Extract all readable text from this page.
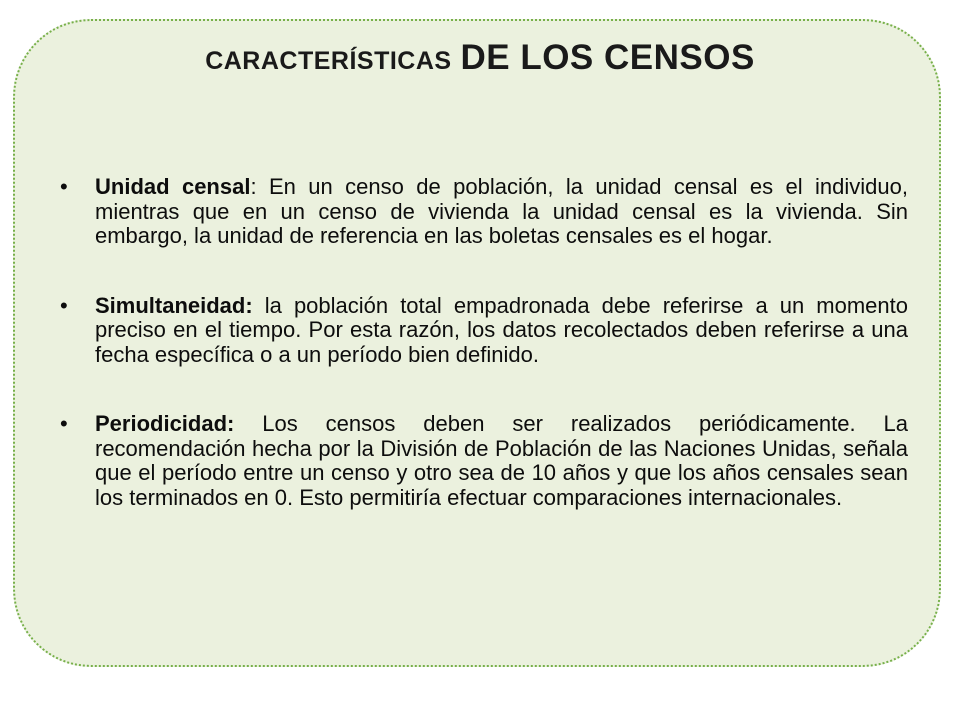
CARACTERÍSTICAS DE LOS CENSOS
• Unidad censal: En un censo de población, la unidad censal es el individuo, mientras que en un censo de vivienda la unidad censal es la vivienda. Sin embargo, la unidad de referencia en las boletas censales es el hogar.
• Simultaneidad: la población total empadronada debe referirse a un momento preciso en el tiempo. Por esta razón, los datos recolectados deben referirse a una fecha específica o a un período bien definido.
• Periodicidad: Los censos deben ser realizados periódicamente. La recomendación hecha por la División de Población de las Naciones Unidas, señala que el período entre un censo y otro sea de 10 años y que los años censales sean los terminados en 0. Esto permitiría efectuar comparaciones internacionales.
